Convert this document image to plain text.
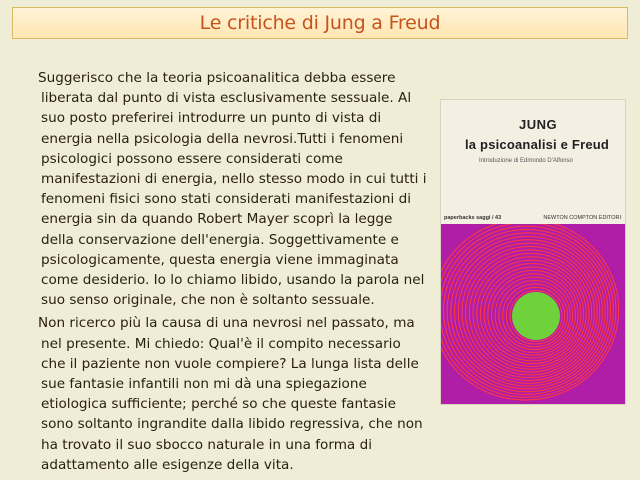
Le critiche di Jung a Freud

Suggerisco che la teoria psicoanalitica debba essere liberata dal punto di vista esclusivamente sessuale. Al suo posto preferirei introdurre un punto di vista di energia nella psicologia della nevrosi.Tutti i fenomeni psicologici possono essere considerati come manifestazioni di energia, nello stesso modo in cui tutti i fenomeni fisici sono stati considerati manifestazioni di energia sin da quando Robert Mayer scoprì la legge della conservazione dell'energia. Soggettivamente e psicologicamente, questa energia viene immaginata come desiderio. Io lo chiamo libido, usando la parola nel suo senso originale, che non è soltanto sessuale.

Non ricerco più la causa di una nevrosi nel passato, ma nel presente. Mi chiedo: Qual'è il compito necessario che il paziente non vuole compiere? La lunga lista delle sue fantasie infantili non mi dà una spiegazione etiologica sufficiente; perché so che queste fantasie sono soltanto ingrandite dalla libido regressiva, che non ha trovato il suo sbocco naturale in una forma di adattamento alle esigenze della vita.

JUNG
la psicoanalisi e Freud
Introduzione di Edmondo D'Alfonso
paperbacks saggi / 43	NEWTON COMPTON EDITORI
